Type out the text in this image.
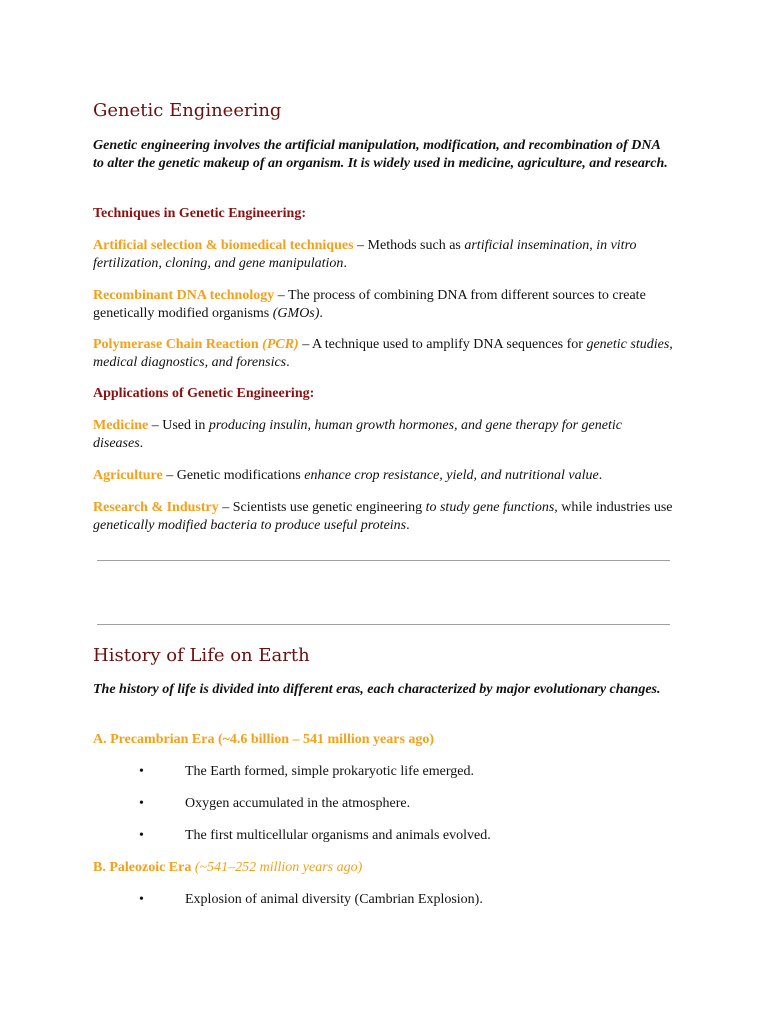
Genetic Engineering

Genetic engineering involves the artificial manipulation, modification, and recombination of DNA to alter the genetic makeup of an organism. It is widely used in medicine, agriculture, and research.

Techniques in Genetic Engineering:

Artificial selection & biomedical techniques – Methods such as artificial insemination, in vitro fertilization, cloning, and gene manipulation.

Recombinant DNA technology – The process of combining DNA from different sources to create genetically modified organisms (GMOs).

Polymerase Chain Reaction (PCR) – A technique used to amplify DNA sequences for genetic studies, medical diagnostics, and forensics.

Applications of Genetic Engineering:

Medicine – Used in producing insulin, human growth hormones, and gene therapy for genetic diseases.

Agriculture – Genetic modifications enhance crop resistance, yield, and nutritional value.

Research & Industry – Scientists use genetic engineering to study gene functions, while industries use genetically modified bacteria to produce useful proteins.

History of Life on Earth

The history of life is divided into different eras, each characterized by major evolutionary changes.

A. Precambrian Era (~4.6 billion – 541 million years ago)

•	The Earth formed, simple prokaryotic life emerged.
•	Oxygen accumulated in the atmosphere.
•	The first multicellular organisms and animals evolved.

B. Paleozoic Era (~541–252 million years ago)

•	Explosion of animal diversity (Cambrian Explosion).
